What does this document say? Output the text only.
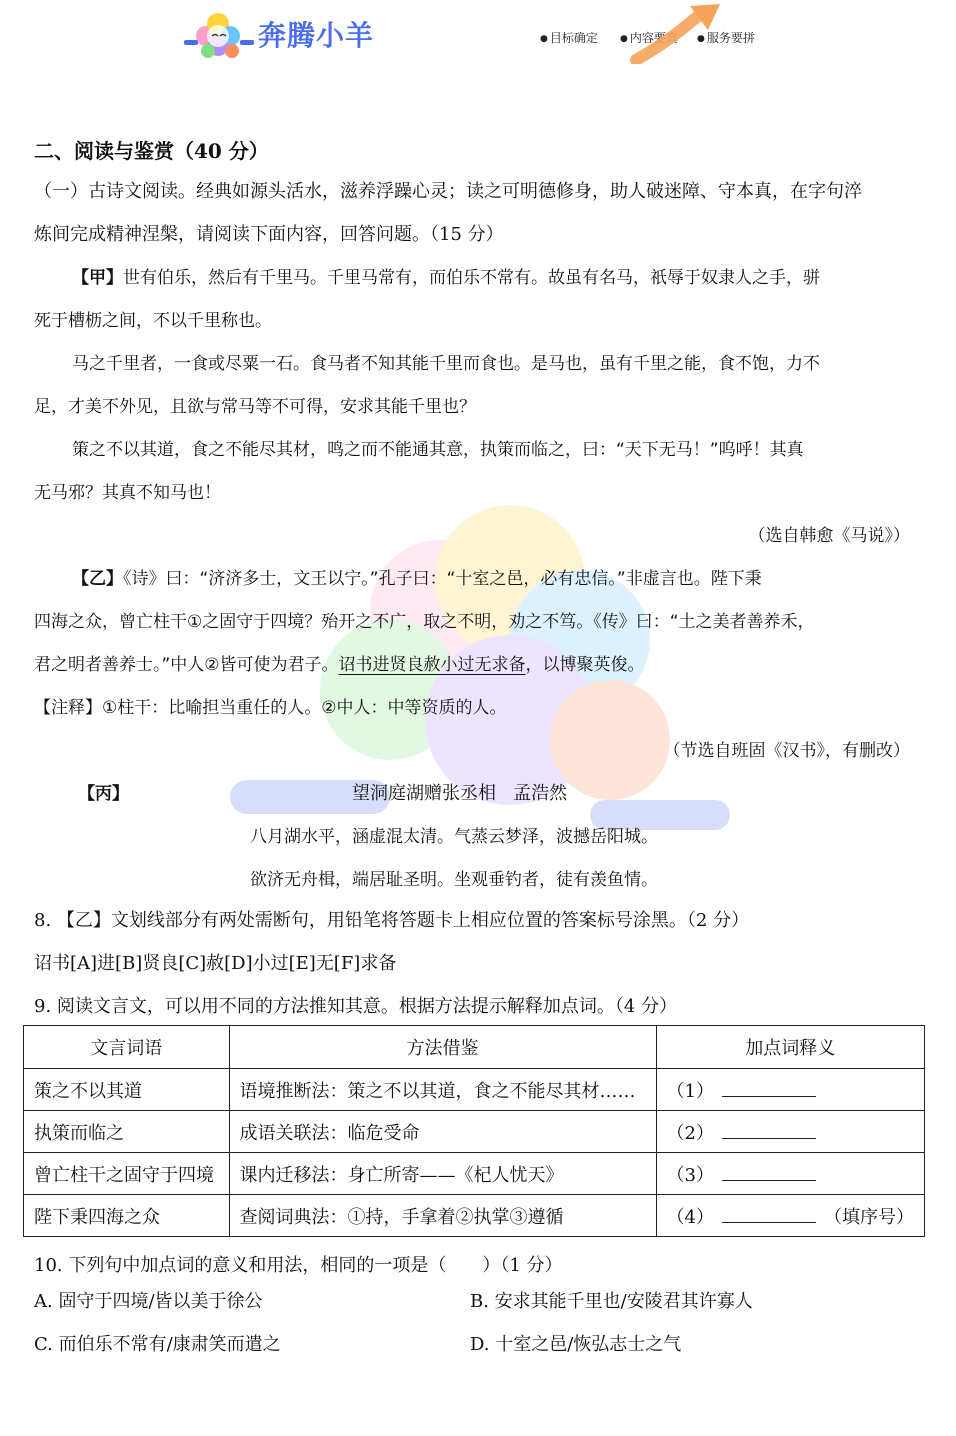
奔腾小羊	● 目标确定	● 内容要真	● 服务要拼
二、阅读与鉴赏（40 分）
（一）古诗文阅读。经典如源头活水，滋养浮躁心灵；读之可明德修身，助人破迷障、守本真，在字句淬
炼间完成精神涅槃，请阅读下面内容，回答问题。（15 分）
【甲】世有伯乐，然后有千里马。千里马常有，而伯乐不常有。故虽有名马，祇辱于奴隶人之手，骈
死于槽枥之间，不以千里称也。
马之千里者，一食或尽粟一石。食马者不知其能千里而食也。是马也，虽有千里之能，食不饱，力不
足，才美不外见，且欲与常马等不可得，安求其能千里也？
策之不以其道，食之不能尽其材，鸣之而不能通其意，执策而临之，曰：“天下无马！”呜呼！其真
无马邪？其真不知马也！
（选自韩愈《马说》）
【乙】《诗》曰：“济济多士，文王以宁。”孔子曰：“十室之邑，必有忠信。”非虚言也。陛下秉
四海之众，曾亡柱干①之固守于四境？殆开之不广，取之不明，劝之不笃。《传》曰：“土之美者善养禾，
君之明者善养士。”中人②皆可使为君子。诏书进贤良赦小过无求备，以博聚英俊。
【注释】①柱干：比喻担当重任的人。②中人：中等资质的人。
（节选自班固《汉书》，有删改）
【丙】	望洞庭湖赠张丞相 孟浩然
八月湖水平，涵虚混太清。气蒸云梦泽，波撼岳阳城。
欲济无舟楫，端居耻圣明。坐观垂钓者，徒有羡鱼情。
8. 【乙】文划线部分有两处需断句，用铅笔将答题卡上相应位置的答案标号涂黑。（2 分）
诏书[A]进[B]贤良[C]赦[D]小过[E]无[F]求备
9. 阅读文言文，可以用不同的方法推知其意。根据方法提示解释加点词。（4 分）
文言词语	方法借鉴	加点词释义
策之不以其道	语境推断法：策之不以其道，食之不能尽其材……	（1）
执策而临之	成语关联法：临危受命	（2）
曾亡柱干之固守于四境	课内迁移法：身亡所寄——《杞人忧天》	（3）
陛下秉四海之众	查阅词典法：①持，手拿着②执掌③遵循	（4） （填序号）
10. 下列句中加点词的意义和用法，相同的一项是（　　）（1 分）
A. 固守于四境/皆以美于徐公	B. 安求其能千里也/安陵君其许寡人
C. 而伯乐不常有/康肃笑而遣之	D. 十室之邑/恢弘志士之气
